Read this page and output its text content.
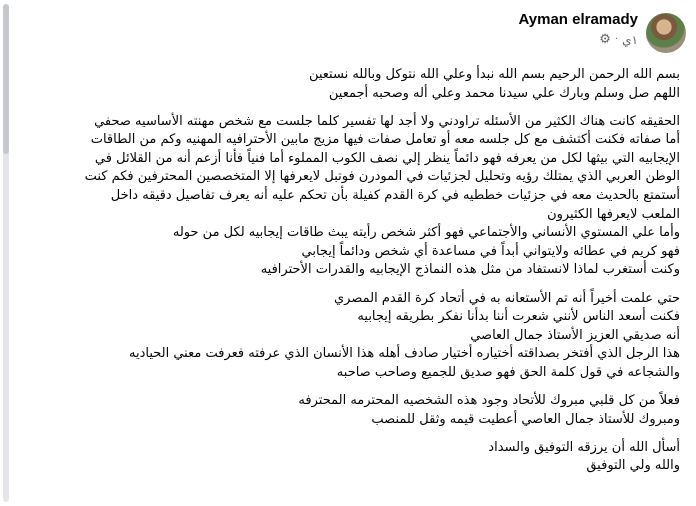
Ayman elramady
١ي
·
⚙
بسم الله الرحمن الرحيم بسم الله نبدأ وعلي الله نتوكل وبالله نستعين
اللهم صل وسلم وبارك علي سيدنا محمد وعلي أله وصحبه أجمعين
الحقيقه كانت هناك الكثير من الأسئله تراودني ولا أجد لها تفسير كلما جلست مع شخص مهنته الأساسيه صحفي
أما صفاته فكنت أكتشف مع كل جلسه معه أو تعامل صفات فيها مزيج مابين الأحترافيه المهنيه وكم من الطاقات
الإيجابيه التي بيثها لكل من يعرفه فهو دائماً ينظر إلي نصف الكوب المملوء أما فنياً فأنا أزعم أنه من القلائل في
الوطن العربي الذي يمتلك رؤيه وتحليل لجزئيات في المودرن فوتبل لايعرفها إلا المتخصصين المحترفين فكم كنت
أستمتع بالحديث معه في جزئيات خططيه في كرة القدم كفيلة بأن تحكم عليه أنه يعرف تفاصيل دقيقه داخل
الملعب لايعرفها الكثيرون
وأما علي المستوي الأنساني والأجتماعي فهو أكثر شخص رأيته يبث طاقات إيجابيه لكل من حوله
فهو كريم في عطائه ولايتواني أبداً في مساعدة أي شخص ودائماً إيجابي
وكنت أستغرب لماذا لانستفاد من مثل هذه النماذج الإيجابيه والقدرات الأحترافيه
حتي علمت أخيراً أنه تم الأستعانه به في أتحاد كرة القدم المصري
فكنت أسعد الناس لأنني شعرت أننا بدأنا نفكر بطريقه إيجابيه
أنه صديقي العزيز الأستاذ جمال العاصي
هذا الرجل الذي أفتخر بصداقته أختياره أختيار صادف أهله هذا الأنسان الذي عرفته فعرفت معني الحياديه
والشجاعه في قول كلمة الحق فهو صديق للجميع وصاحب صاحبه
فعلاً من كل قلبي مبروك للأتحاد وجود هذه الشخصيه المحترمه المحترفه
ومبروك للأستاذ جمال العاصي أعطيت قيمه وثقل للمنصب
أسأل الله أن يرزقه التوفيق والسداد
والله ولي التوفيق
